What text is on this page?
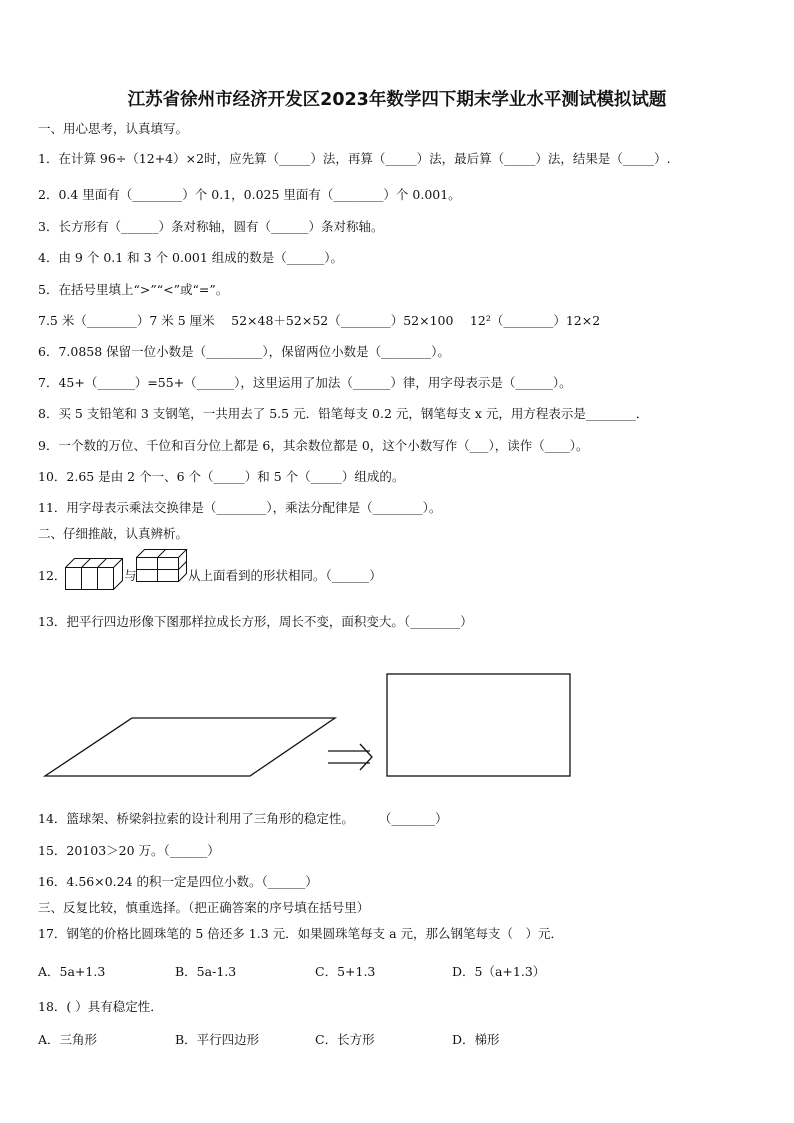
江苏省徐州市经济开发区2023年数学四下期末学业水平测试模拟试题
一、用心思考，认真填写。
1．在计算 96÷（12+4）×2时，应先算（_____）法，再算（_____）法，最后算（_____）法，结果是（_____）.
2．0.4 里面有（________）个 0.1，0.025 里面有（________）个 0.001。
3．长方形有（______）条对称轴，圆有（______）条对称轴。
4．由 9 个 0.1 和 3 个 0.001 组成的数是（______）。
5．在括号里填上“>”“<”或“=”。
7.5 米（________）7 米 5 厘米　 52×48＋52×52（________）52×100　 12²（________）12×2
6．7.0858 保留一位小数是（_________），保留两位小数是（________）。
7．45+（______）=55+（______），这里运用了加法（______）律，用字母表示是（______）。
8．买 5 支铅笔和 3 支钢笔，一共用去了 5.5 元．铅笔每支 0.2 元，钢笔每支 x 元，用方程表示是________．
9．一个数的万位、千位和百分位上都是 6，其余数位都是 0，这个小数写作（___），读作（____）。
10．2.65 是由 2 个一、6 个（_____）和 5 个（_____）组成的。
11．用字母表示乘法交换律是（________），乘法分配律是（________）。
二、仔细推敲，认真辨析。
12．	与	从上面看到的形状相同。（______）
13．把平行四边形像下图那样拉成长方形，周长不变，面积变大。（________）
14．篮球架、桥梁斜拉索的设计利用了三角形的稳定性。　　　（_______）
15．20103＞20 万。（______）
16．4.56×0.24 的积一定是四位小数。（______）
三、反复比较，慎重选择。（把正确答案的序号填在括号里）
17．钢笔的价格比圆珠笔的 5 倍还多 1.3 元．如果圆珠笔每支 a 元，那么钢笔每支（　）元．
A．5a+1.3	B．5a-1.3	C．5+1.3	D．5（a+1.3）
18．( ）具有稳定性．
A．三角形	B．平行四边形	C．长方形	D．梯形
